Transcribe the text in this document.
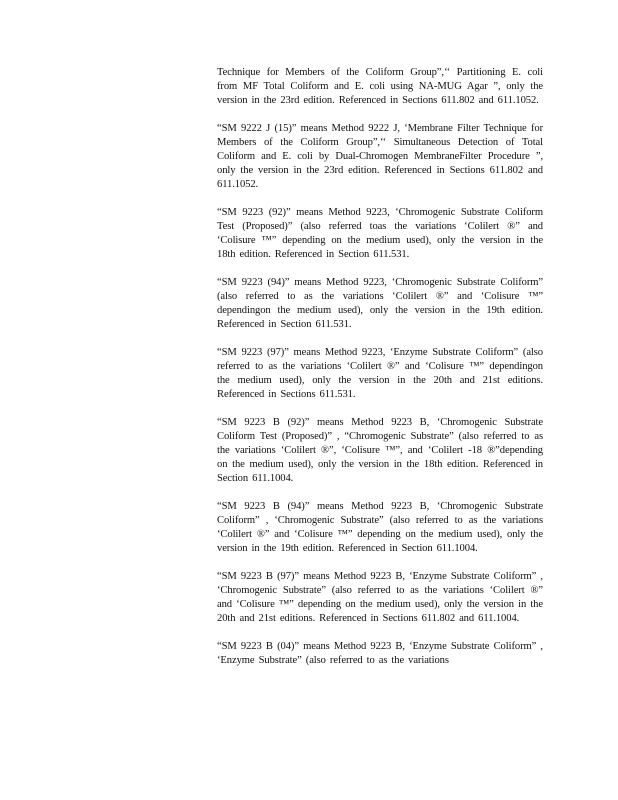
Technique for Members of the Coliform Group”,‘‘ Partitioning E. coli from MF Total Coliform and E. coli using NA-MUG Agar ”, only the version in the 23rd edition. Referenced in Sections 611.802 and 611.1052.

“SM 9222 J (15)” means Method 9222 J, ‘Membrane Filter Technique for Members of the Coliform Group”,‘‘ Simultaneous Detection of Total Coliform and E. coli by Dual-Chromogen MembraneFilter Procedure ”, only the version in the 23rd edition. Referenced in Sections 611.802 and 611.1052.

“SM 9223 (92)” means Method 9223, ‘Chromogenic Substrate Coliform Test (Proposed)” (also referred toas the variations ‘Colilert ®” and ‘Colisure ™” depending on the medium used), only the version in the 18th edition. Referenced in Section 611.531.

“SM 9223 (94)” means Method 9223, ‘Chromogenic Substrate Coliform” (also referred to as the variations ‘Colilert ®” and ‘Colisure ™” dependingon the medium used), only the version in the 19th edition. Referenced in Section 611.531.

“SM 9223 (97)” means Method 9223, ‘Enzyme Substrate Coliform” (also referred to as the variations ‘Colilert ®” and ‘Colisure ™” dependingon the medium used), only the version in the 20th and 21st editions. Referenced in Sections 611.531.

“SM 9223 B (92)” means Method 9223 B, ‘Chromogenic Substrate Coliform Test (Proposed)” , “Chromogenic Substrate” (also referred to as the variations ‘Colilert ®”, ‘Colisure ™”, and ‘Colilert -18 ®”depending on the medium used), only the version in the 18th edition. Referenced in Section 611.1004.

“SM 9223 B (94)” means Method 9223 B, ‘Chromogenic Substrate Coliform” , ‘Chromogenic Substrate” (also referred to as the variations ‘Colilert ®” and ‘Colisure ™” depending on the medium used), only the version in the 19th edition. Referenced in Section 611.1004.

“SM 9223 B (97)” means Method 9223 B, ‘Enzyme Substrate Coliform” , ‘Chromogenic Substrate” (also referred to as the variations ‘Colilert ®” and ‘Colisure ™” depending on the medium used), only the version in the 20th and 21st editions. Referenced in Sections 611.802 and 611.1004.

“SM 9223 B (04)” means Method 9223 B, ‘Enzyme Substrate Coliform” , ‘Enzyme Substrate” (also referred to as the variations
